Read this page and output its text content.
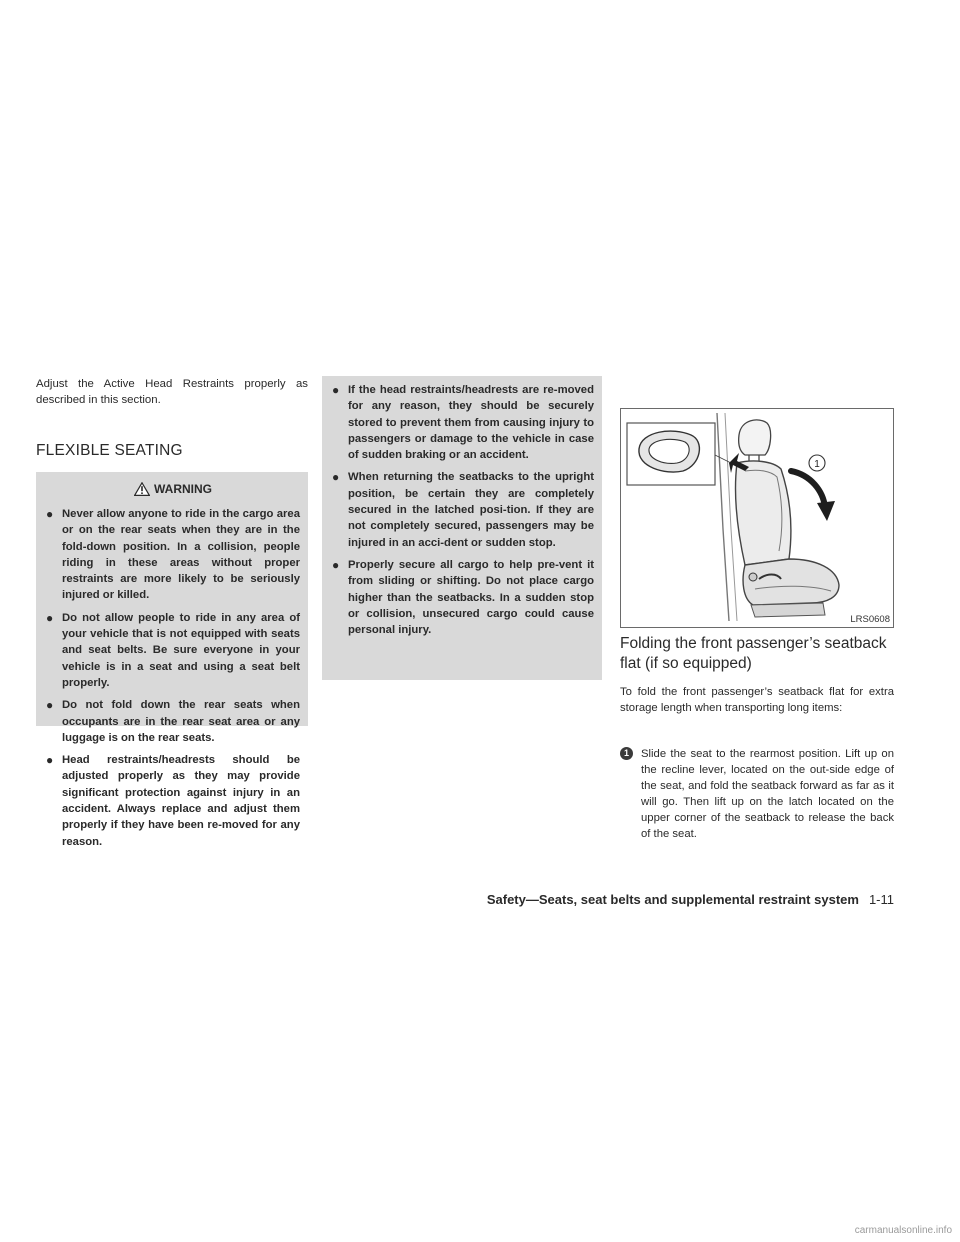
Adjust the Active Head Restraints properly as described in this section.

FLEXIBLE SEATING
WARNING
● Never allow anyone to ride in the cargo area or on the rear seats when they are in the fold-down position. In a collision, people riding in these areas without proper restraints are more likely to be seriously injured or killed.
● Do not allow people to ride in any area of your vehicle that is not equipped with seats and seat belts. Be sure everyone in your vehicle is in a seat and using a seat belt properly.
● Do not fold down the rear seats when occupants are in the rear seat area or any luggage is on the rear seats.
● Head restraints/headrests should be adjusted properly as they may provide significant protection against injury in an accident. Always replace and adjust them properly if they have been re-moved for any reason.
● If the head restraints/headrests are re-moved for any reason, they should be securely stored to prevent them from causing injury to passengers or damage to the vehicle in case of sudden braking or an accident.
● When returning the seatbacks to the upright position, be certain they are completely secured in the latched posi-tion. If they are not completely secured, passengers may be injured in an acci-dent or sudden stop.
● Properly secure all cargo to help pre-vent it from sliding or shifting. Do not place cargo higher than the seatbacks. In a sudden stop or collision, unsecured cargo could cause personal injury.
1
LRS0608
Folding the front passenger’s seatback flat (if so equipped)

To fold the front passenger’s seatback flat for extra storage length when transporting long items:

1	Slide the seat to the rearmost position. Lift up on the recline lever, located on the out-side edge of the seat, and fold the seatback forward as far as it will go. Then lift up on the latch located on the upper corner of the seatback to release the back of the seat.
Safety—Seats, seat belts and supplemental restraint system 1-11
carmanualsonline.info
